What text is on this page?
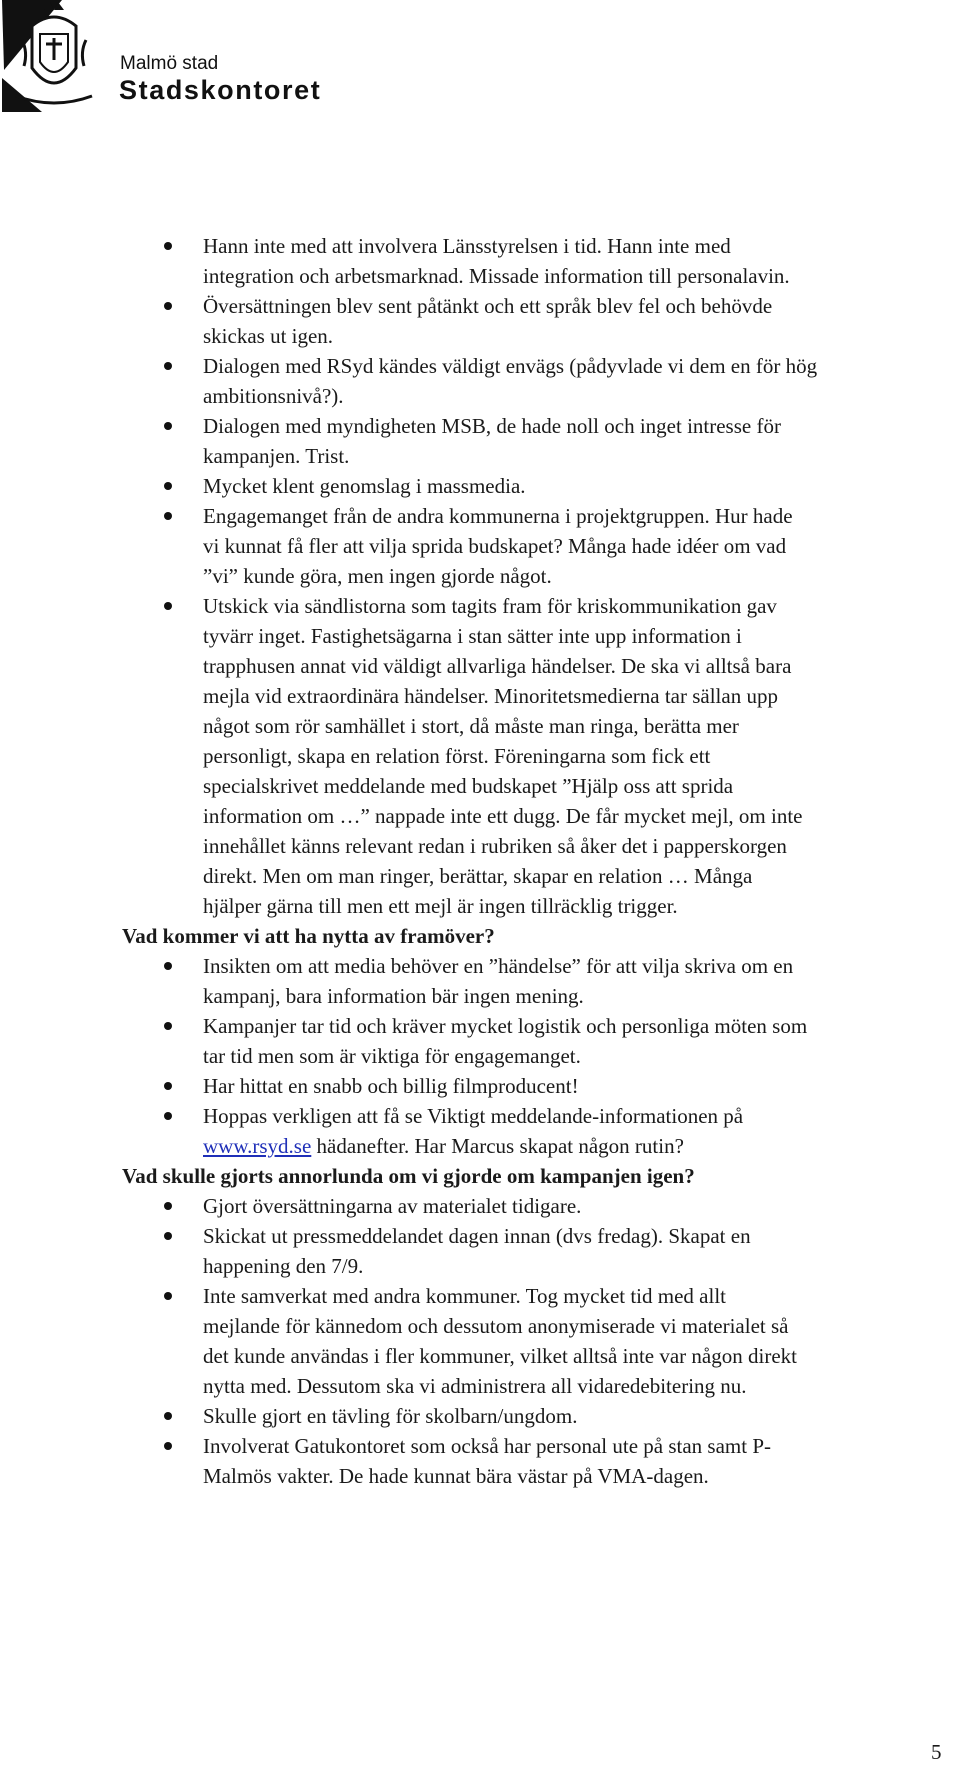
Malmö stad
Stadskontoret
Hann inte med att involvera Länsstyrelsen i tid. Hann inte med
integration och arbetsmarknad. Missade information till personalavin.
Översättningen blev sent påtänkt och ett språk blev fel och behövde
skickas ut igen.
Dialogen med RSyd kändes väldigt envägs (pådyvlade vi dem en för hög
ambitionsnivå?).
Dialogen med myndigheten MSB, de hade noll och inget intresse för
kampanjen. Trist.
Mycket klent genomslag i massmedia.
Engagemanget från de andra kommunerna i projektgruppen. Hur hade
vi kunnat få fler att vilja sprida budskapet? Många hade idéer om vad
”vi” kunde göra, men ingen gjorde något.
Utskick via sändlistorna som tagits fram för kriskommunikation gav
tyvärr inget. Fastighetsägarna i stan sätter inte upp information i
trapphusen annat vid väldigt allvarliga händelser. De ska vi alltså bara
mejla vid extraordinära händelser. Minoritetsmedierna tar sällan upp
något som rör samhället i stort, då måste man ringa, berätta mer
personligt, skapa en relation först. Föreningarna som fick ett
specialskrivet meddelande med budskapet ”Hjälp oss att sprida
information om …” nappade inte ett dugg. De får mycket mejl, om inte
innehållet känns relevant redan i rubriken så åker det i papperskorgen
direkt. Men om man ringer, berättar, skapar en relation … Många
hjälper gärna till men ett mejl är ingen tillräcklig trigger.
Vad kommer vi att ha nytta av framöver?
Insikten om att media behöver en ”händelse” för att vilja skriva om en
kampanj, bara information bär ingen mening.
Kampanjer tar tid och kräver mycket logistik och personliga möten som
tar tid men som är viktiga för engagemanget.
Har hittat en snabb och billig filmproducent!
Hoppas verkligen att få se Viktigt meddelande-informationen på
www.rsyd.se hädanefter. Har Marcus skapat någon rutin?
Vad skulle gjorts annorlunda om vi gjorde om kampanjen igen?
Gjort översättningarna av materialet tidigare.
Skickat ut pressmeddelandet dagen innan (dvs fredag). Skapat en
happening den 7/9.
Inte samverkat med andra kommuner. Tog mycket tid med allt
mejlande för kännedom och dessutom anonymiserade vi materialet så
det kunde användas i fler kommuner, vilket alltså inte var någon direkt
nytta med. Dessutom ska vi administrera all vidaredebitering nu.
Skulle gjort en tävling för skolbarn/ungdom.
Involverat Gatukontoret som också har personal ute på stan samt P-
Malmös vakter. De hade kunnat bära västar på VMA-dagen.
5
